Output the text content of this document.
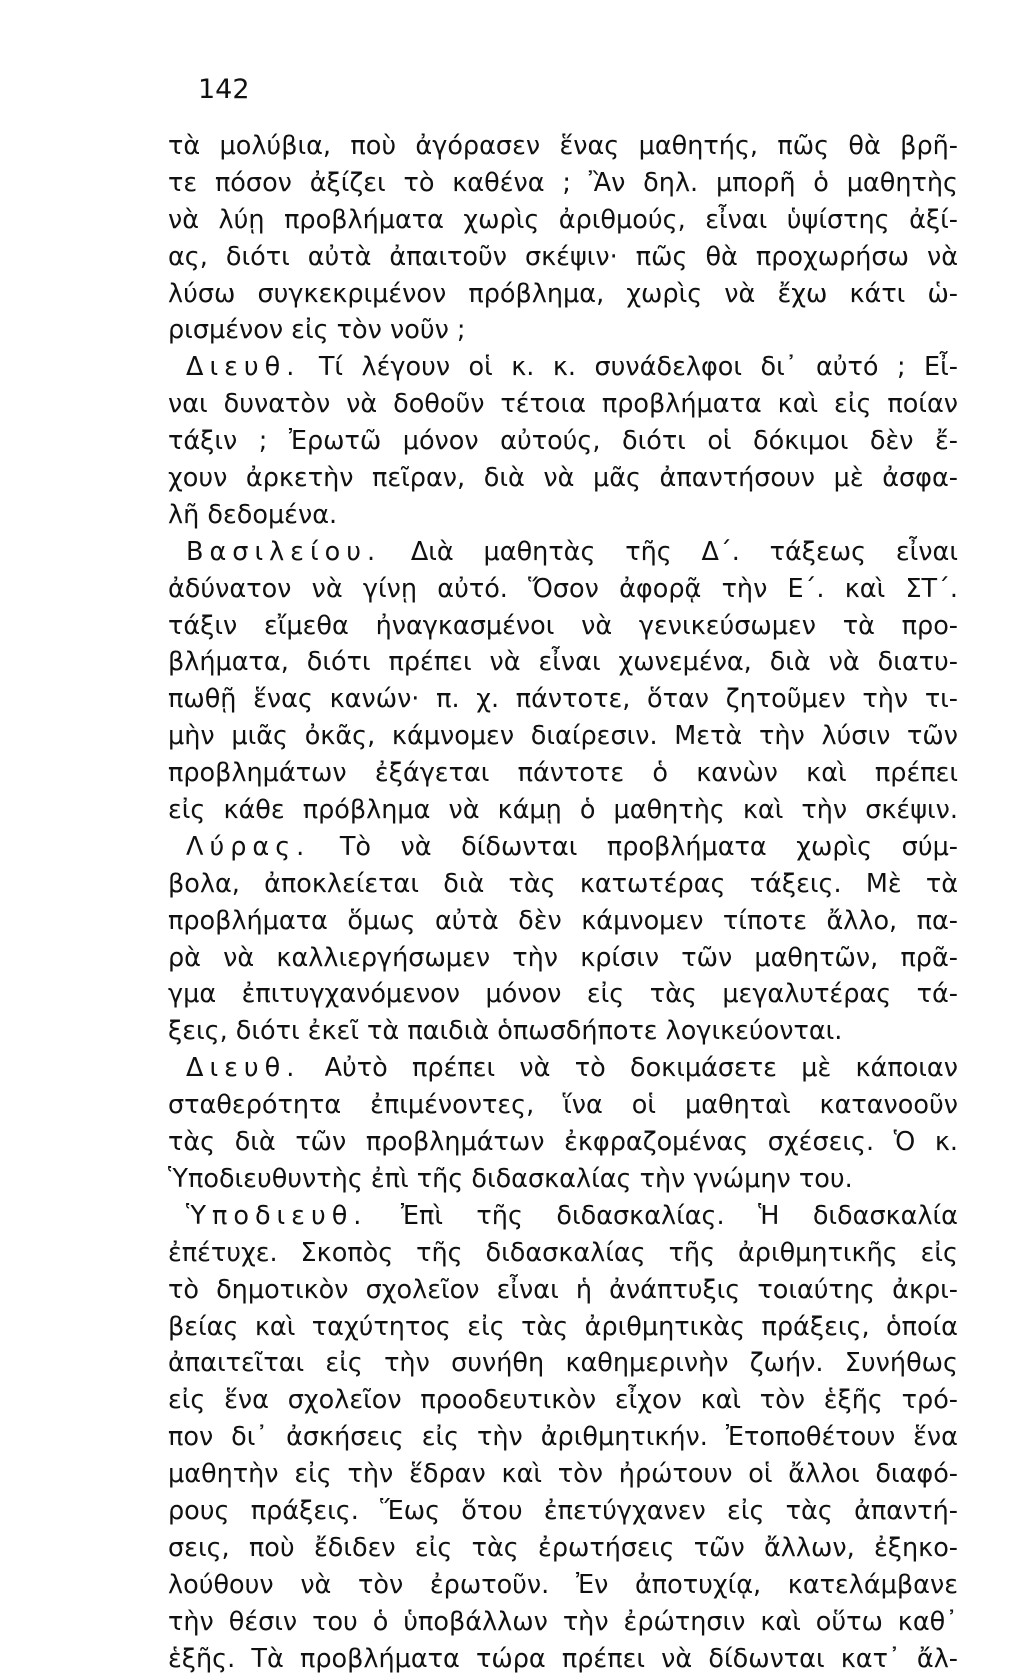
142
τὰ μολύβια, ποὺ ἀγόρασεν ἕνας μαθητής, πῶς θὰ βρῆ-
τε πόσον ἀξίζει τὸ καθένα ; Ἂν δηλ. μπορῆ ὁ μαθητὴς
νὰ λύῃ προβλήματα χωρὶς ἀριθμούς, εἶναι ὑψίστης ἀξί-
ας, διότι αὐτὰ ἀπαιτοῦν σκέψιν· πῶς θὰ προχωρήσω νὰ
λύσω συγκεκριμένον πρόβλημα, χωρὶς νὰ ἔχω κάτι ὡ-
ρισμένον εἰς τὸν νοῦν ;
Διευθ. Τί λέγουν οἱ κ. κ. συνάδελφοι δι᾽ αὐτό ; Εἶ-
ναι δυνατὸν νὰ δοθοῦν τέτοια προβλήματα καὶ εἰς ποίαν
τάξιν ; Ἐρωτῶ μόνον αὐτούς, διότι οἱ δόκιμοι δὲν ἔ-
χουν ἀρκετὴν πεῖραν, διὰ νὰ μᾶς ἀπαντήσουν μὲ ἀσφα-
λῆ δεδομένα.
Βασιλείου. Διὰ μαθητὰς τῆς Δ΄. τάξεως εἶναι
ἀδύνατον νὰ γίνῃ αὐτό. Ὅσον ἀφορᾷ τὴν Ε΄. καὶ ΣΤ΄.
τάξιν εἴμεθα ἠναγκασμένοι νὰ γενικεύσωμεν τὰ προ-
βλήματα, διότι πρέπει νὰ εἶναι χωνεμένα, διὰ νὰ διατυ-
πωθῇ ἕνας κανών· π. χ. πάντοτε, ὅταν ζητοῦμεν τὴν τι-
μὴν μιᾶς ὀκᾶς, κάμνομεν διαίρεσιν. Μετὰ τὴν λύσιν τῶν
προβλημάτων ἐξάγεται πάντοτε ὁ κανὼν καὶ πρέπει
εἰς κάθε πρόβλημα νὰ κάμῃ ὁ μαθητὴς καὶ τὴν σκέψιν.
Λύρας. Τὸ νὰ δίδωνται προβλήματα χωρὶς σύμ-
βολα, ἀποκλείεται διὰ τὰς κατωτέρας τάξεις. Μὲ τὰ
προβλήματα ὅμως αὐτὰ δὲν κάμνομεν τίποτε ἄλλο, πα-
ρὰ νὰ καλλιεργήσωμεν τὴν κρίσιν τῶν μαθητῶν, πρᾶ-
γμα ἐπιτυγχανόμενον μόνον εἰς τὰς μεγαλυτέρας τά-
ξεις, διότι ἐκεῖ τὰ παιδιὰ ὁπωσδήποτε λογικεύονται.
Διευθ. Αὐτὸ πρέπει νὰ τὸ δοκιμάσετε μὲ κάποιαν
σταθερότητα ἐπιμένοντες, ἵνα οἱ μαθηταὶ κατανοοῦν
τὰς διὰ τῶν προβλημάτων ἐκφραζομένας σχέσεις. Ὁ κ.
Ὑποδιευθυντὴς ἐπὶ τῆς διδασκαλίας τὴν γνώμην του.
Ὑποδιευθ. Ἐπὶ τῆς διδασκαλίας. Ἡ διδασκαλία
ἐπέτυχε. Σκοπὸς τῆς διδασκαλίας τῆς ἀριθμητικῆς εἰς
τὸ δημοτικὸν σχολεῖον εἶναι ἡ ἀνάπτυξις τοιαύτης ἀκρι-
βείας καὶ ταχύτητος εἰς τὰς ἀριθμητικὰς πράξεις, ὁποία
ἀπαιτεῖται εἰς τὴν συνήθη καθημερινὴν ζωήν. Συνήθως
εἰς ἕνα σχολεῖον προοδευτικὸν εἶχον καὶ τὸν ἑξῆς τρό-
πον δι᾽ ἀσκήσεις εἰς τὴν ἀριθμητικήν. Ἐτοποθέτουν ἕνα
μαθητὴν εἰς τὴν ἕδραν καὶ τὸν ἠρώτουν οἱ ἄλλοι διαφό-
ρους πράξεις. Ἕως ὅτου ἐπετύγχανεν εἰς τὰς ἀπαντή-
σεις, ποὺ ἔδιδεν εἰς τὰς ἐρωτήσεις τῶν ἄλλων, ἐξηκο-
λούθουν νὰ τὸν ἐρωτοῦν. Ἐν ἀποτυχίᾳ, κατελάμβανε
τὴν θέσιν του ὁ ὑποβάλλων τὴν ἐρώτησιν καὶ οὕτω καθ᾽
ἑξῆς. Τὰ προβλήματα τώρα πρέπει νὰ δίδωνται κατ᾽ ἄλ-
